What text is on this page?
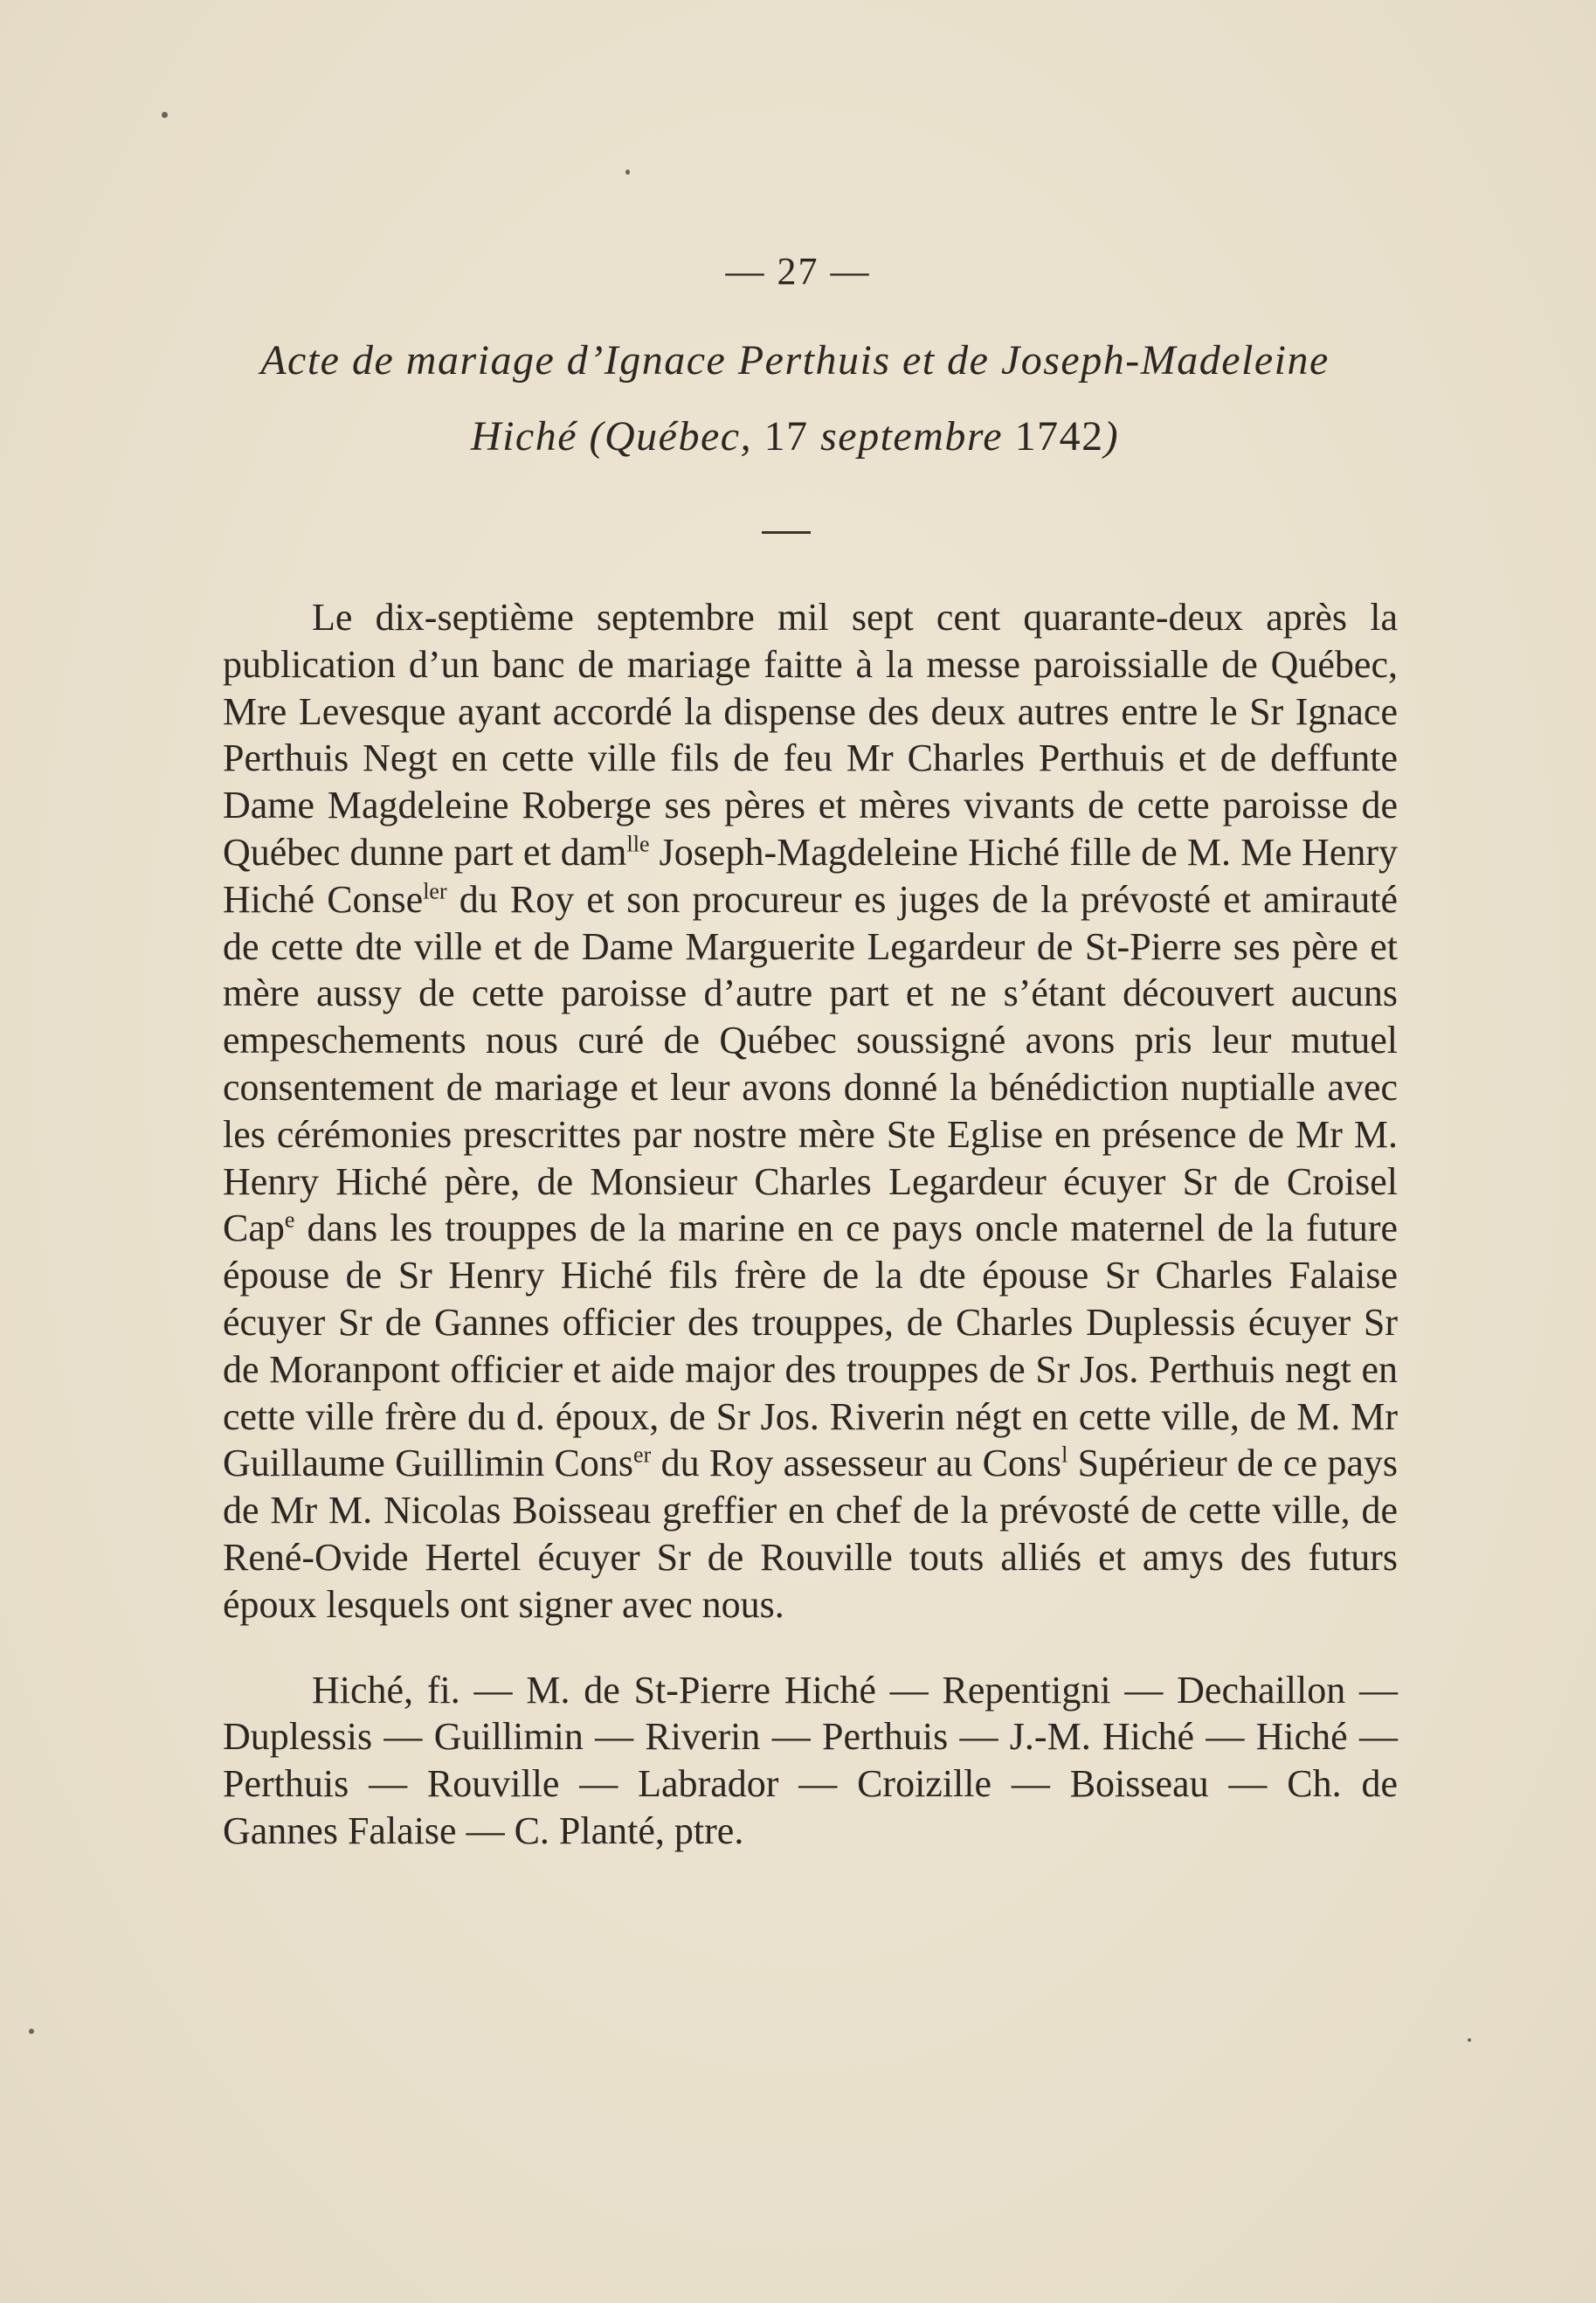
— 27 —
Acte de mariage d’Ignace Perthuis et de Joseph-Madeleine
Hiché (Québec, 17 septembre 1742)

Le dix-septième septembre mil sept cent quarante-deux après la publication d’un banc de mariage faitte à la messe paroissialle de Québec, Mre Levesque ayant accordé la dispense des deux autres entre le Sr Ignace Perthuis Negt en cette ville fils de feu Mr Charles Perthuis et de deffunte Dame Magdeleine Roberge ses pères et mères vivants de cette paroisse de Québec dunne part et dam$^{lle}$ Joseph-Magdeleine Hiché fille de M. Me Henry Hiché Conse$^{ler}$ du Roy et son procureur es juges de la prévosté et amirauté de cette dte ville et de Dame Marguerite Legardeur de St-Pierre ses père et mère aussy de cette paroisse d’autre part et ne s’étant découvert aucuns empeschements nous curé de Québec soussigné avons pris leur mutuel consentement de mariage et leur avons donné la bénédiction nuptialle avec les cérémonies prescrittes par nostre mère Ste Eglise en présence de Mr M. Henry Hiché père, de Monsieur Charles Legardeur écuyer Sr de Croisel Cap$^e$ dans les trouppes de la marine en ce pays oncle maternel de la future épouse de Sr Henry Hiché fils frère de la dte épouse Sr Charles Falaise écuyer Sr de Gannes officier des trouppes, de Charles Duplessis écuyer Sr de Moranpont officier et aide major des trouppes de Sr Jos. Perthuis negt en cette ville frère du d. époux, de Sr Jos. Riverin négt en cette ville, de M. Mr Guillaume Guillimin Cons$^{er}$ du Roy assesseur au Cons$^l$ Supérieur de ce pays de Mr M. Nicolas Boisseau greffier en chef de la prévosté de cette ville, de René-Ovide Hertel écuyer Sr de Rouville touts alliés et amys des futurs époux lesquels ont signer avec nous.

Hiché, fi. — M. de St-Pierre Hiché — Repentigni — Dechaillon — Duplessis — Guillimin — Riverin — Perthuis — J.-M. Hiché — Hiché — Perthuis — Rouville — Labrador — Croizille — Boisseau — Ch. de Gannes Falaise — C. Planté, ptre.
